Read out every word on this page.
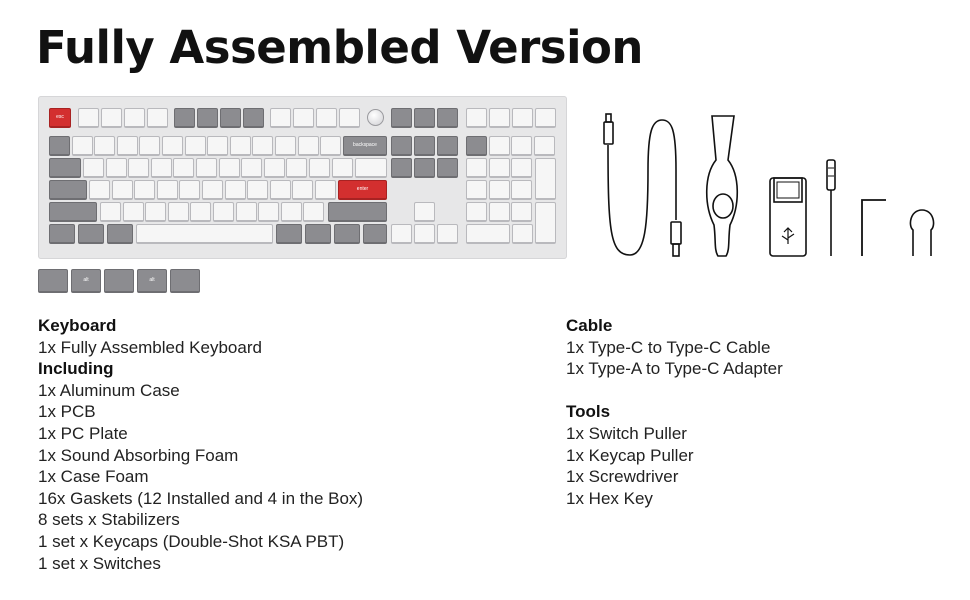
Fully Assembled Version
esc
backspace
enter
alt	alt
Keyboard
1x Fully Assembled Keyboard
Including
1x Aluminum Case
1x PCB
1x PC Plate
1x Sound Absorbing Foam
1x Case Foam
16x Gaskets (12 Installed and 4 in the Box)
8 sets x Stabilizers
1 set x Keycaps (Double-Shot KSA PBT)
1 set x Switches
Cable
1x Type-C to Type-C Cable
1x Type-A to Type-C Adapter
Tools
1x Switch Puller
1x Keycap Puller
1x Screwdriver
1x Hex Key
